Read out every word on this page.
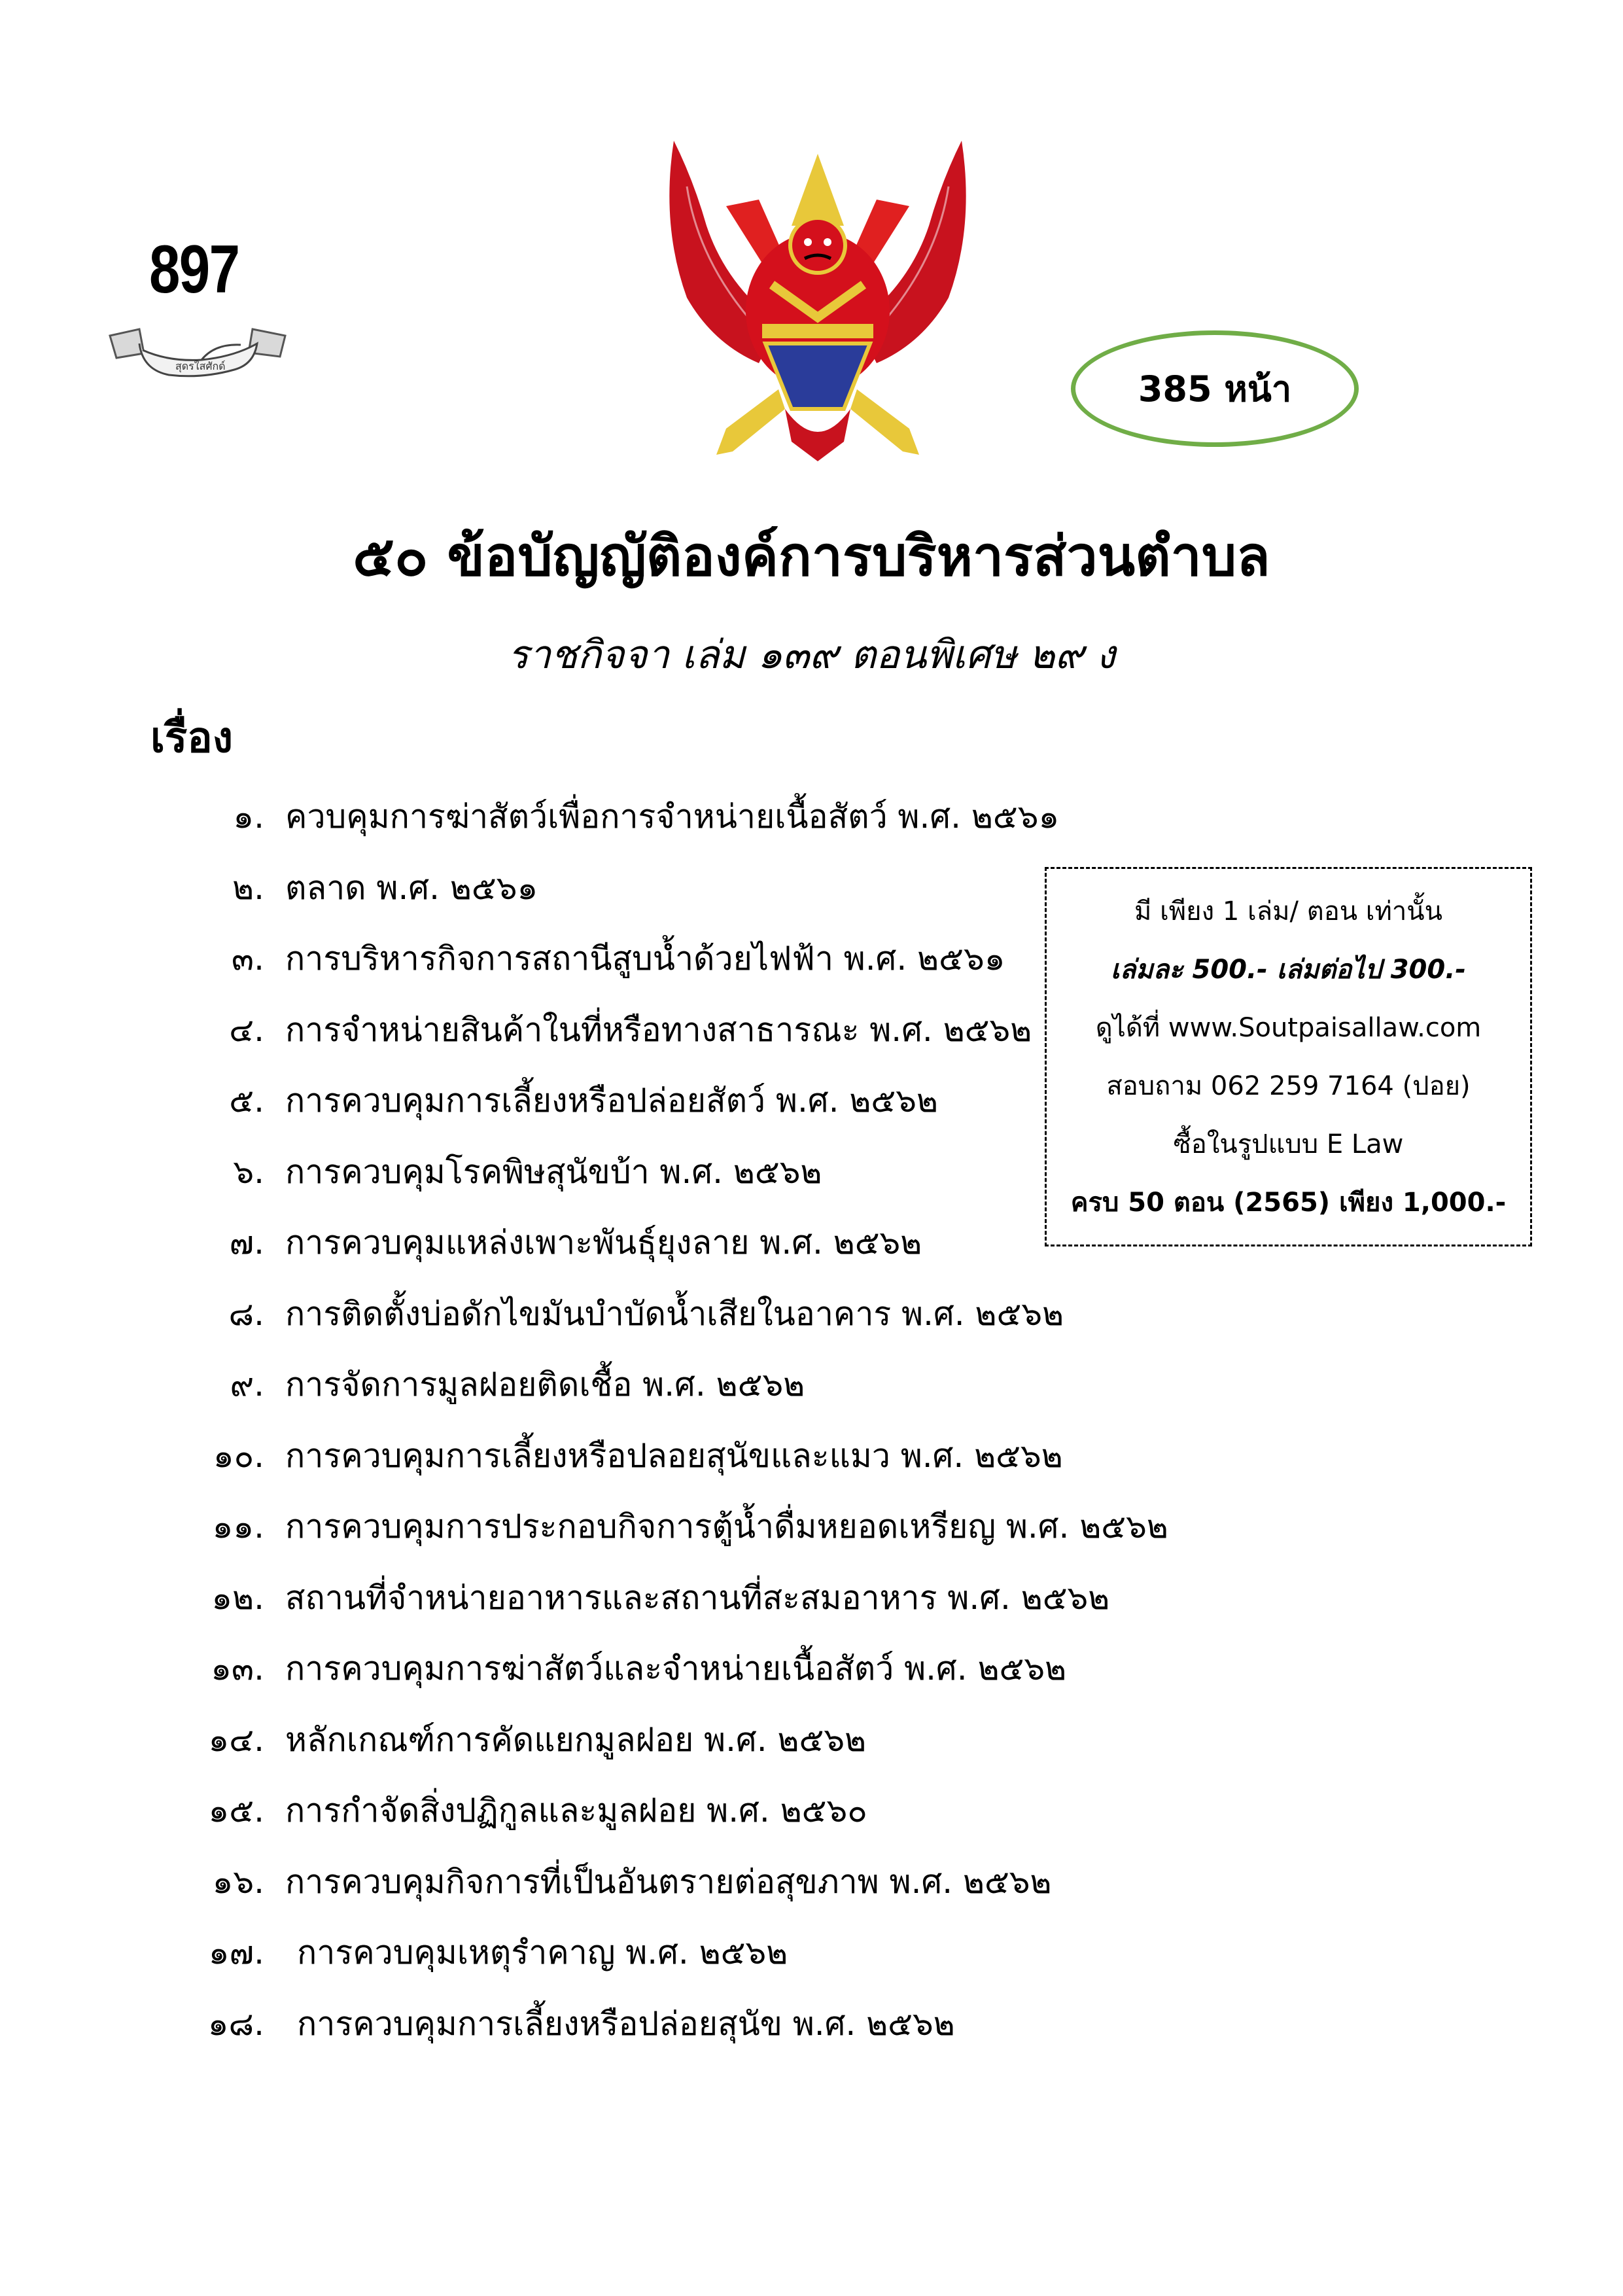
897
สุดรใสศักด์
385 หน้า
๕๐ ข้อบัญญัติองค์การบริหารส่วนตำบล
ราชกิจจา เล่ม ๑๓๙ ตอนพิเศษ ๒๙ ง
เรื่อง
๑. ควบคุมการฆ่าสัตว์เพื่อการจำหน่ายเนื้อสัตว์ พ.ศ. ๒๕๖๑
๒. ตลาด พ.ศ. ๒๕๖๑
๓. การบริหารกิจการสถานีสูบน้ำด้วยไฟฟ้า พ.ศ. ๒๕๖๑
๔. การจำหน่ายสินค้าในที่หรือทางสาธารณะ พ.ศ. ๒๕๖๒
๕. การควบคุมการเลี้ยงหรือปล่อยสัตว์ พ.ศ. ๒๕๖๒
๖. การควบคุมโรคพิษสุนัขบ้า พ.ศ. ๒๕๖๒
๗. การควบคุมแหล่งเพาะพันธุ์ยุงลาย พ.ศ. ๒๕๖๒
๘. การติดตั้งบ่อดักไขมันบำบัดน้ำเสียในอาคาร พ.ศ. ๒๕๖๒
๙. การจัดการมูลฝอยติดเชื้อ พ.ศ. ๒๕๖๒
๑๐. การควบคุมการเลี้ยงหรือปลอยสุนัขและแมว พ.ศ. ๒๕๖๒
๑๑. การควบคุมการประกอบกิจการตู้น้ำดื่มหยอดเหรียญ พ.ศ. ๒๕๖๒
๑๒. สถานที่จำหน่ายอาหารและสถานที่สะสมอาหาร พ.ศ. ๒๕๖๒
๑๓. การควบคุมการฆ่าสัตว์และจำหน่ายเนื้อสัตว์ พ.ศ. ๒๕๖๒
๑๔. หลักเกณฑ์การคัดแยกมูลฝอย พ.ศ. ๒๕๖๒
๑๕. การกำจัดสิ่งปฏิกูลและมูลฝอย พ.ศ. ๒๕๖๐
๑๖. การควบคุมกิจการที่เป็นอันตรายต่อสุขภาพ พ.ศ. ๒๕๖๒
๑๗.	การควบคุมเหตุรำคาญ พ.ศ. ๒๕๖๒
๑๘.	การควบคุมการเลี้ยงหรือปล่อยสุนัข พ.ศ. ๒๕๖๒
มี เพียง 1 เล่ม/ ตอน เท่านั้น
เล่มละ 500.- เล่มต่อไป 300.-
ดูได้ที่ www.Soutpaisallaw.com
สอบถาม 062 259 7164 (ปอย)
ซื้อในรูปแบบ E Law
ครบ 50 ตอน (2565) เพียง 1,000.-
